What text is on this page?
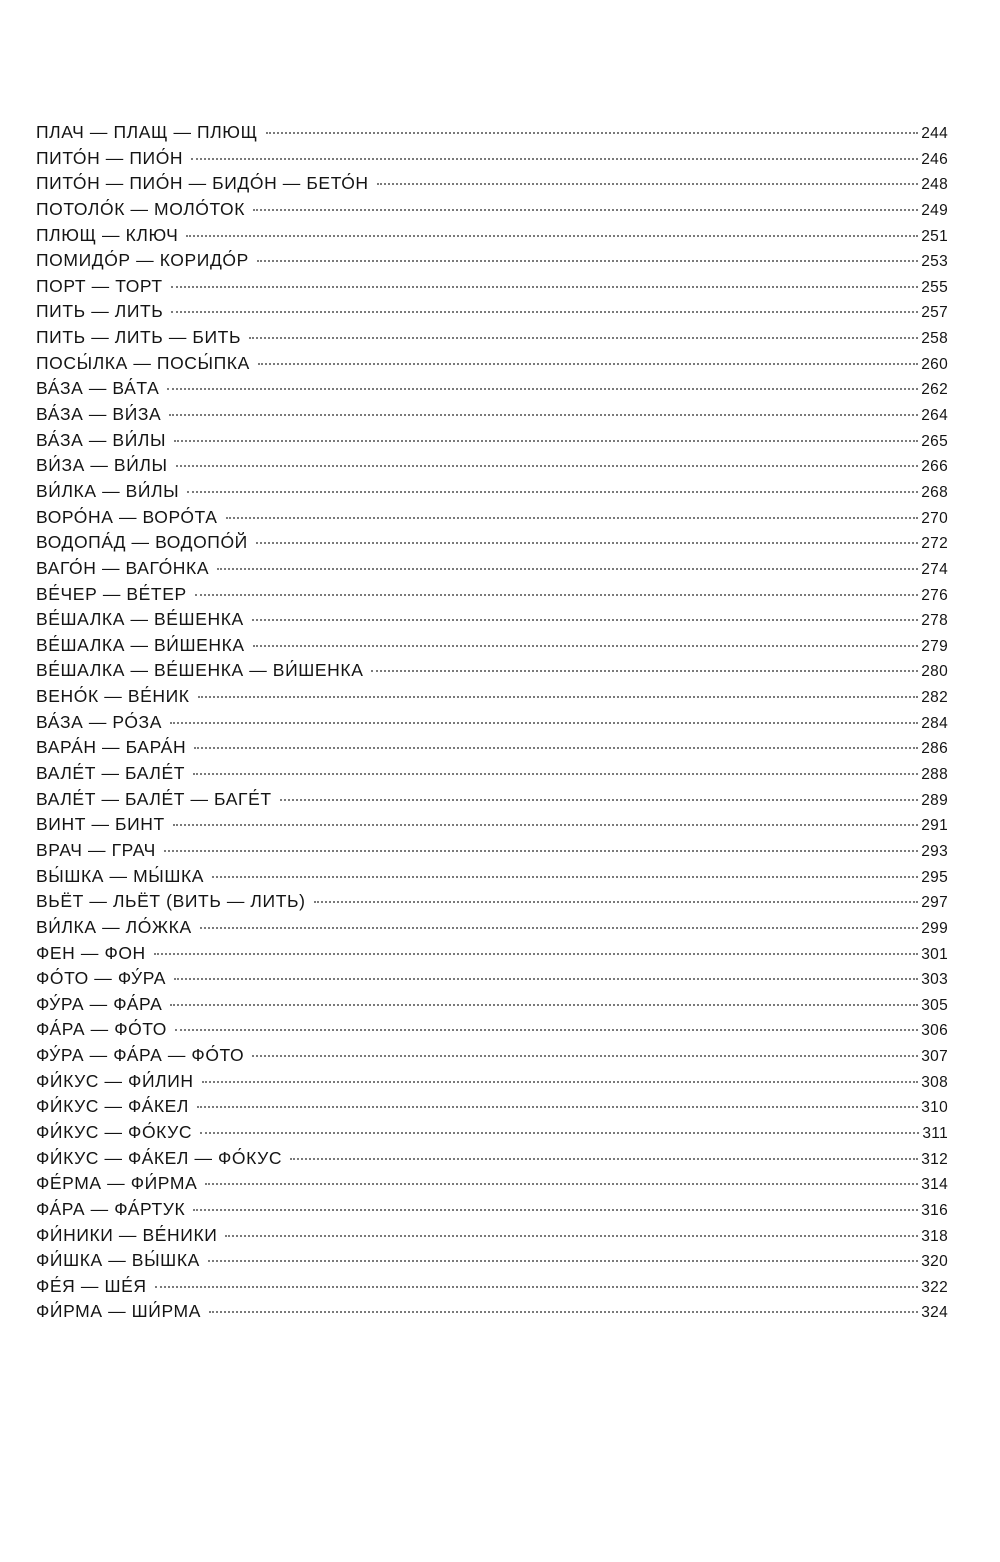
ПЛАЧ — ПЛАЩ — ПЛЮЩ	244
ПИТО́Н — ПИО́Н	246
ПИТО́Н — ПИО́Н — БИДО́Н — БЕТО́Н	248
ПОТОЛО́К — МОЛО́ТОК	249
ПЛЮЩ — КЛЮЧ	251
ПОМИДО́Р — КОРИДО́Р	253
ПОРТ — ТОРТ	255
ПИТЬ — ЛИТЬ	257
ПИТЬ — ЛИТЬ — БИТЬ	258
ПОСЫ́ЛКА — ПОСЫ́ПКА	260
ВА́ЗА — ВА́ТА	262
ВА́ЗА — ВИ́ЗА	264
ВА́ЗА — ВИ́ЛЫ	265
ВИ́ЗА — ВИ́ЛЫ	266
ВИ́ЛКА — ВИ́ЛЫ	268
ВОРО́НА — ВОРО́ТА	270
ВОДОПА́Д — ВОДОПО́Й	272
ВАГО́Н — ВАГО́НКА	274
ВЕ́ЧЕР — ВЕ́ТЕР	276
ВЕ́ШАЛКА — ВЕ́ШЕНКА	278
ВЕ́ШАЛКА — ВИ́ШЕНКА	279
ВЕ́ШАЛКА — ВЕ́ШЕНКА — ВИ́ШЕНКА	280
ВЕНО́К — ВЕ́НИК	282
ВА́ЗА — РО́ЗА	284
ВАРА́Н — БАРА́Н	286
ВАЛЕ́Т — БАЛЕ́Т	288
ВАЛЕ́Т — БАЛЕ́Т — БАГЕ́Т	289
ВИНТ — БИНТ	291
ВРАЧ — ГРАЧ	293
ВЫ́ШКА — МЫ́ШКА	295
ВЬЁТ — ЛЬЁТ (ВИТЬ — ЛИТЬ)	297
ВИ́ЛКА — ЛО́ЖКА	299
ФЕН — ФОН	301
ФО́ТО — ФУ́РА	303
ФУ́РА — ФА́РА	305
ФА́РА — ФО́ТО	306
ФУ́РА — ФА́РА — ФО́ТО	307
ФИ́КУС — ФИ́ЛИН	308
ФИ́КУС — ФА́КЕЛ	310
ФИ́КУС — ФО́КУС	311
ФИ́КУС — ФА́КЕЛ — ФО́КУС	312
ФЕ́РМА — ФИ́РМА	314
ФА́РА — ФА́РТУК	316
ФИ́НИКИ — ВЕ́НИКИ	318
ФИ́ШКА — ВЫ́ШКА	320
ФЕ́Я — ШЕ́Я	322
ФИ́РМА — ШИ́РМА	324
